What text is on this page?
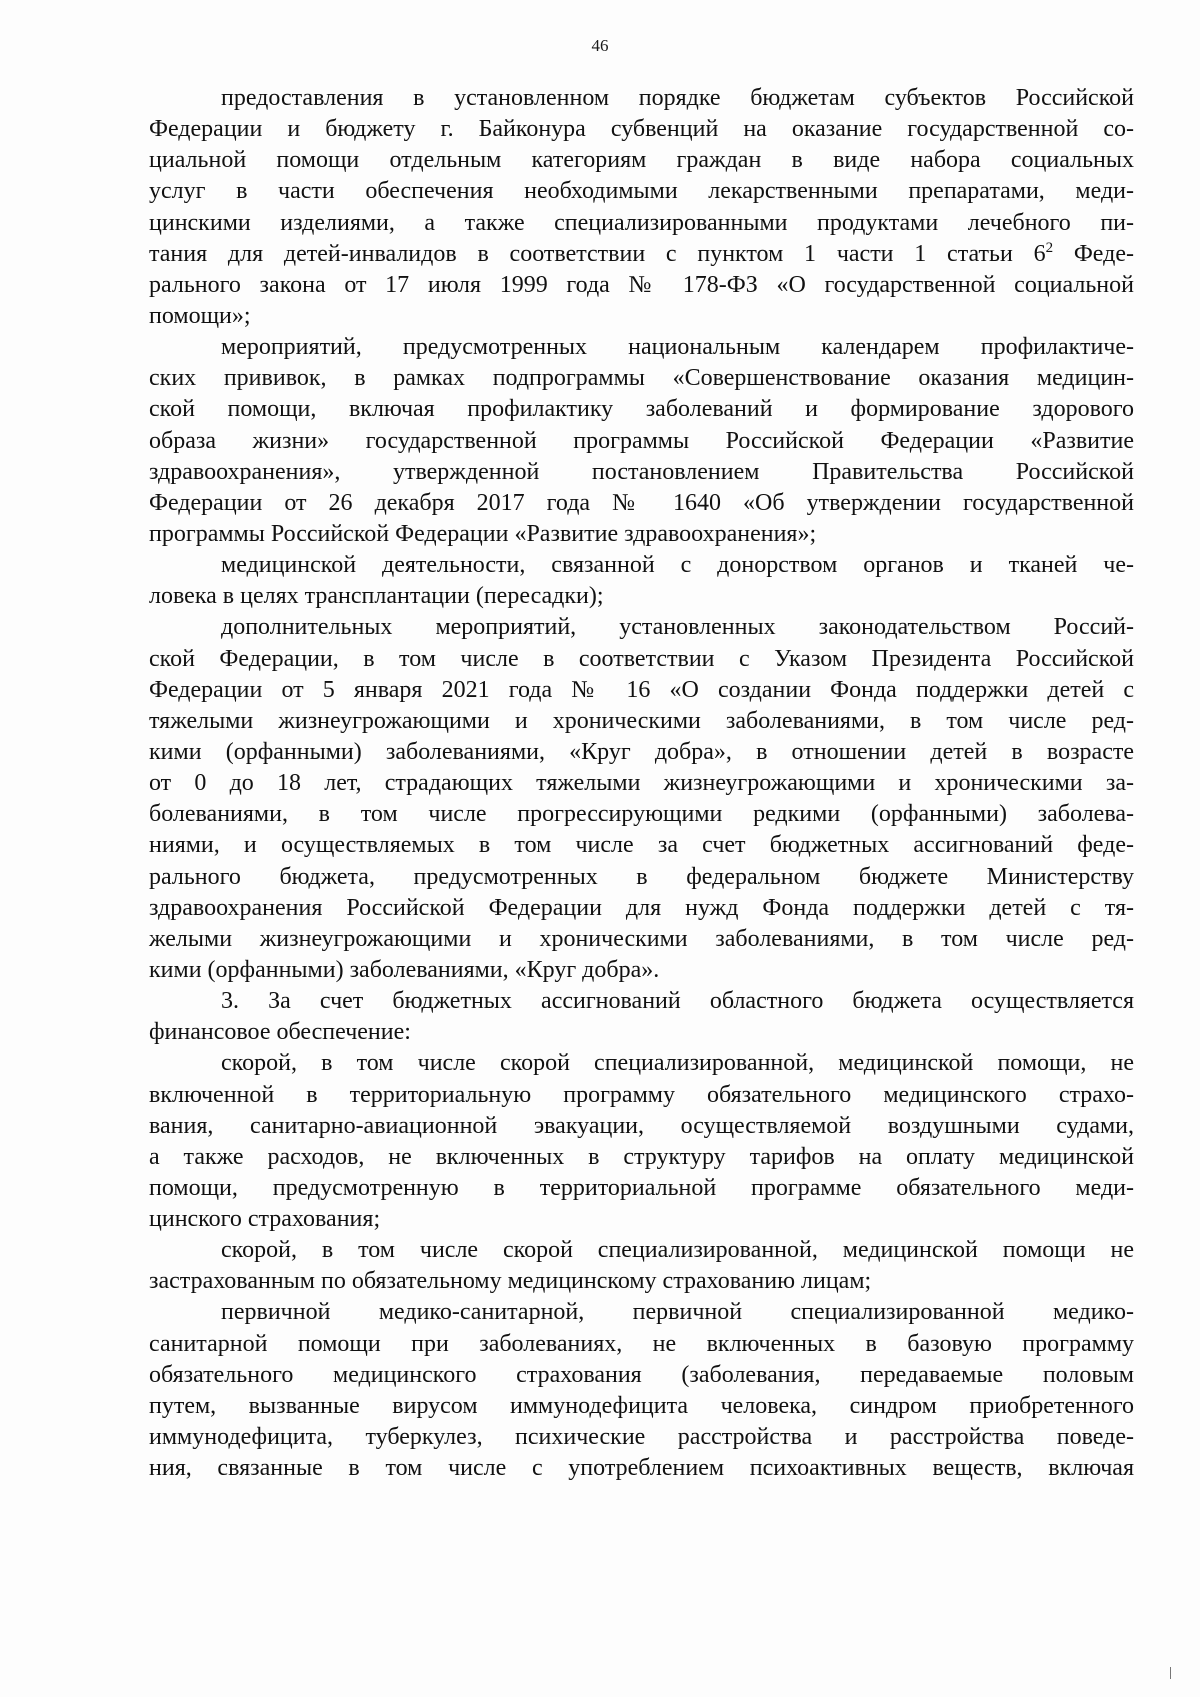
46
предоставления в установленном порядке бюджетам субъектов Российской
Федерации и бюджету г. Байконура субвенций на оказание государственной со-
циальной помощи отдельным категориям граждан в виде набора социальных
услуг в части обеспечения необходимыми лекарственными препаратами, меди-
цинскими изделиями, а также специализированными продуктами лечебного пи-
тания для детей-инвалидов в соответствии с пунктом 1 части 1 статьи $6^2$ Феде-
рального закона от 17 июля 1999 года № 178-ФЗ «О государственной социальной
помощи»;
мероприятий, предусмотренных национальным календарем профилактиче-
ских прививок, в рамках подпрограммы «Совершенствование оказания медицин-
ской помощи, включая профилактику заболеваний и формирование здорового
образа жизни» государственной программы Российской Федерации «Развитие
здравоохранения», утвержденной постановлением Правительства Российской
Федерации от 26 декабря 2017 года № 1640 «Об утверждении государственной
программы Российской Федерации «Развитие здравоохранения»;
медицинской деятельности, связанной с донорством органов и тканей че-
ловека в целях трансплантации (пересадки);
дополнительных мероприятий, установленных законодательством Россий-
ской Федерации, в том числе в соответствии с Указом Президента Российской
Федерации от 5 января 2021 года № 16 «О создании Фонда поддержки детей с
тяжелыми жизнеугрожающими и хроническими заболеваниями, в том числе ред-
кими (орфанными) заболеваниями, «Круг добра», в отношении детей в возрасте
от 0 до 18 лет, страдающих тяжелыми жизнеугрожающими и хроническими за-
болеваниями, в том числе прогрессирующими редкими (орфанными) заболева-
ниями, и осуществляемых в том числе за счет бюджетных ассигнований феде-
рального бюджета, предусмотренных в федеральном бюджете Министерству
здравоохранения Российской Федерации для нужд Фонда поддержки детей с тя-
желыми жизнеугрожающими и хроническими заболеваниями, в том числе ред-
кими (орфанными) заболеваниями, «Круг добра».
3. За счет бюджетных ассигнований областного бюджета осуществляется
финансовое обеспечение:
скорой, в том числе скорой специализированной, медицинской помощи, не
включенной в территориальную программу обязательного медицинского страхо-
вания, санитарно-авиационной эвакуации, осуществляемой воздушными судами,
а также расходов, не включенных в структуру тарифов на оплату медицинской
помощи, предусмотренную в территориальной программе обязательного меди-
цинского страхования;
скорой, в том числе скорой специализированной, медицинской помощи не
застрахованным по обязательному медицинскому страхованию лицам;
первичной медико-санитарной, первичной специализированной медико-
санитарной помощи при заболеваниях, не включенных в базовую программу
обязательного медицинского страхования (заболевания, передаваемые половым
путем, вызванные вирусом иммунодефицита человека, синдром приобретенного
иммунодефицита, туберкулез, психические расстройства и расстройства поведе-
ния, связанные в том числе с употреблением психоактивных веществ, включая
